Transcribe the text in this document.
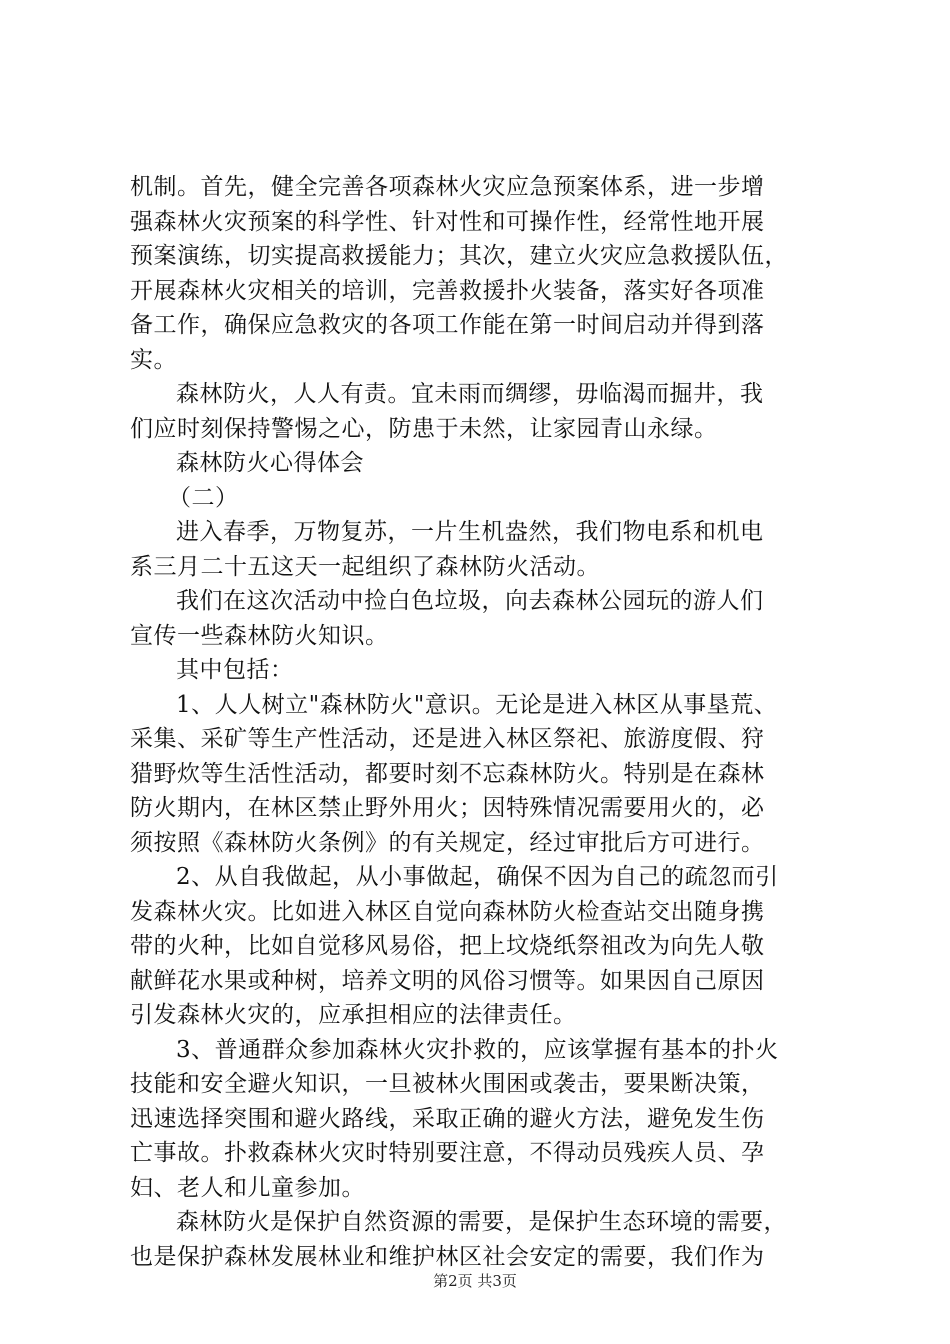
机制。首先，健全完善各项森林火灾应急预案体系，进一步增
强森林火灾预案的科学性、针对性和可操作性，经常性地开展
预案演练，切实提高救援能力；其次，建立火灾应急救援队伍，
开展森林火灾相关的培训，完善救援扑火装备，落实好各项准
备工作，确保应急救灾的各项工作能在第一时间启动并得到落
实。
森林防火，人人有责。宜未雨而绸缪，毋临渴而掘井，我
们应时刻保持警惕之心，防患于未然，让家园青山永绿。
森林防火心得体会
（二）
进入春季，万物复苏，一片生机盎然，我们物电系和机电
系三月二十五这天一起组织了森林防火活动。
我们在这次活动中捡白色垃圾，向去森林公园玩的游人们
宣传一些森林防火知识。
其中包括：
1、人人树立"森林防火"意识。无论是进入林区从事垦荒、
采集、采矿等生产性活动，还是进入林区祭祀、旅游度假、狩
猎野炊等生活性活动，都要时刻不忘森林防火。特别是在森林
防火期内，在林区禁止野外用火；因特殊情况需要用火的，必
须按照《森林防火条例》的有关规定，经过审批后方可进行。
2、从自我做起，从小事做起，确保不因为自己的疏忽而引
发森林火灾。比如进入林区自觉向森林防火检查站交出随身携
带的火种，比如自觉移风易俗，把上坟烧纸祭祖改为向先人敬
献鲜花水果或种树，培养文明的风俗习惯等。如果因自己原因
引发森林火灾的，应承担相应的法律责任。
3、普通群众参加森林火灾扑救的，应该掌握有基本的扑火
技能和安全避火知识，一旦被林火围困或袭击，要果断决策，
迅速选择突围和避火路线，采取正确的避火方法，避免发生伤
亡事故。扑救森林火灾时特别要注意，不得动员残疾人员、孕
妇、老人和儿童参加。
森林防火是保护自然资源的需要，是保护生态环境的需要，
也是保护森林发展林业和维护林区社会安定的需要，我们作为
第2页 共3页
